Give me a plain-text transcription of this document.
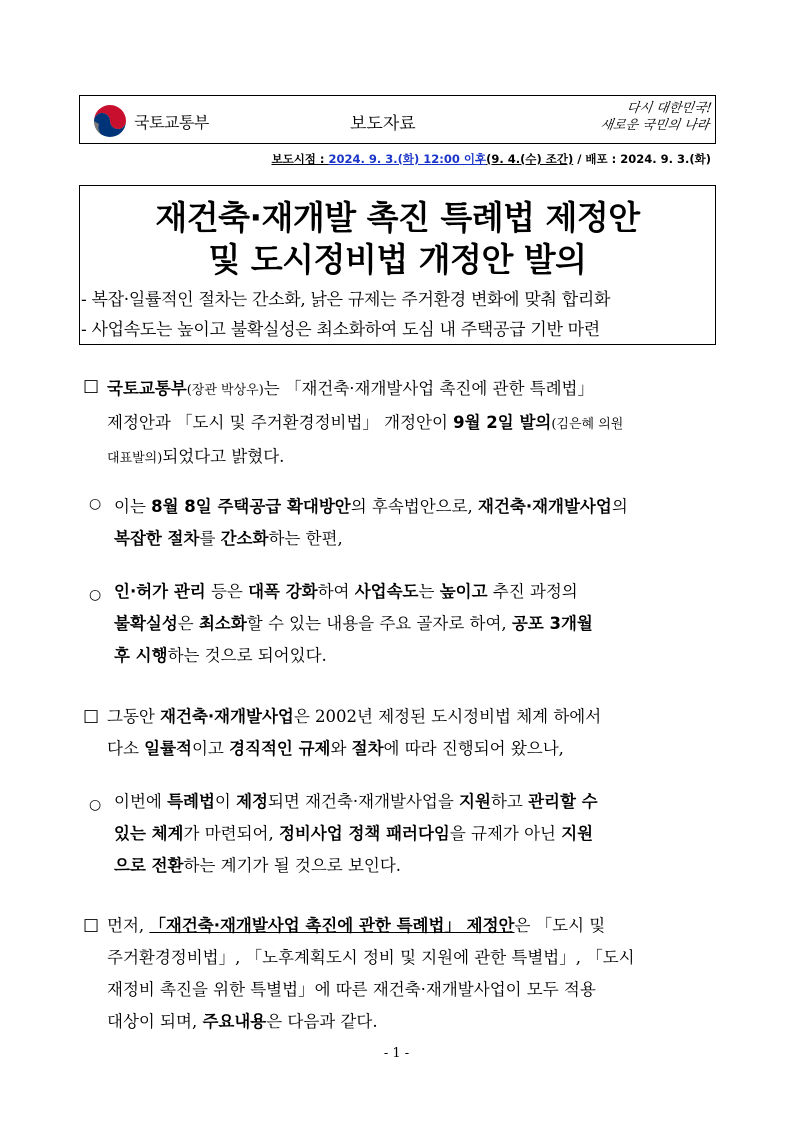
국토교통부	보도자료
다시 대한민국!
새로운 국민의 나라
보도시점 : 2024. 9. 3.(화) 12:00 이후(9. 4.(수) 조간) / 배포 : 2024. 9. 3.(화)
재건축·재개발 촉진 특례법 제정안
및 도시정비법 개정안 발의
- 복잡·일률적인 절차는 간소화, 낡은 규제는 주거환경 변화에 맞춰 합리화
- 사업속도는 높이고 불확실성은 최소화하여 도심 내 주택공급 기반 마련
□ 국토교통부(장관 박상우)는 「재건축·재개발사업 촉진에 관한 특례법」
제정안과 「도시 및 주거환경정비법」 개정안이 9월 2일 발의(김은혜 의원
대표발의)되었다고 밝혔다.
○ 이는 8월 8일 주택공급 확대방안의 후속법안으로, 재건축·재개발사업의
복잡한 절차를 간소화하는 한편,
○ 인·허가 관리 등은 대폭 강화하여 사업속도는 높이고 추진 과정의
불확실성은 최소화할 수 있는 내용을 주요 골자로 하여, 공포 3개월
후 시행하는 것으로 되어있다.
□ 그동안 재건축·재개발사업은 2002년 제정된 도시정비법 체계 하에서
다소 일률적이고 경직적인 규제와 절차에 따라 진행되어 왔으나,
○ 이번에 특례법이 제정되면 재건축·재개발사업을 지원하고 관리할 수
있는 체계가 마련되어, 정비사업 정책 패러다임을 규제가 아닌 지원
으로 전환하는 계기가 될 것으로 보인다.
□ 먼저, 「재건축·재개발사업 촉진에 관한 특례법」 제정안은 「도시 및
주거환경정비법」, 「노후계획도시 정비 및 지원에 관한 특별법」, 「도시
재정비 촉진을 위한 특별법」에 따른 재건축·재개발사업이 모두 적용
대상이 되며, 주요내용은 다음과 같다.
- 1 -
